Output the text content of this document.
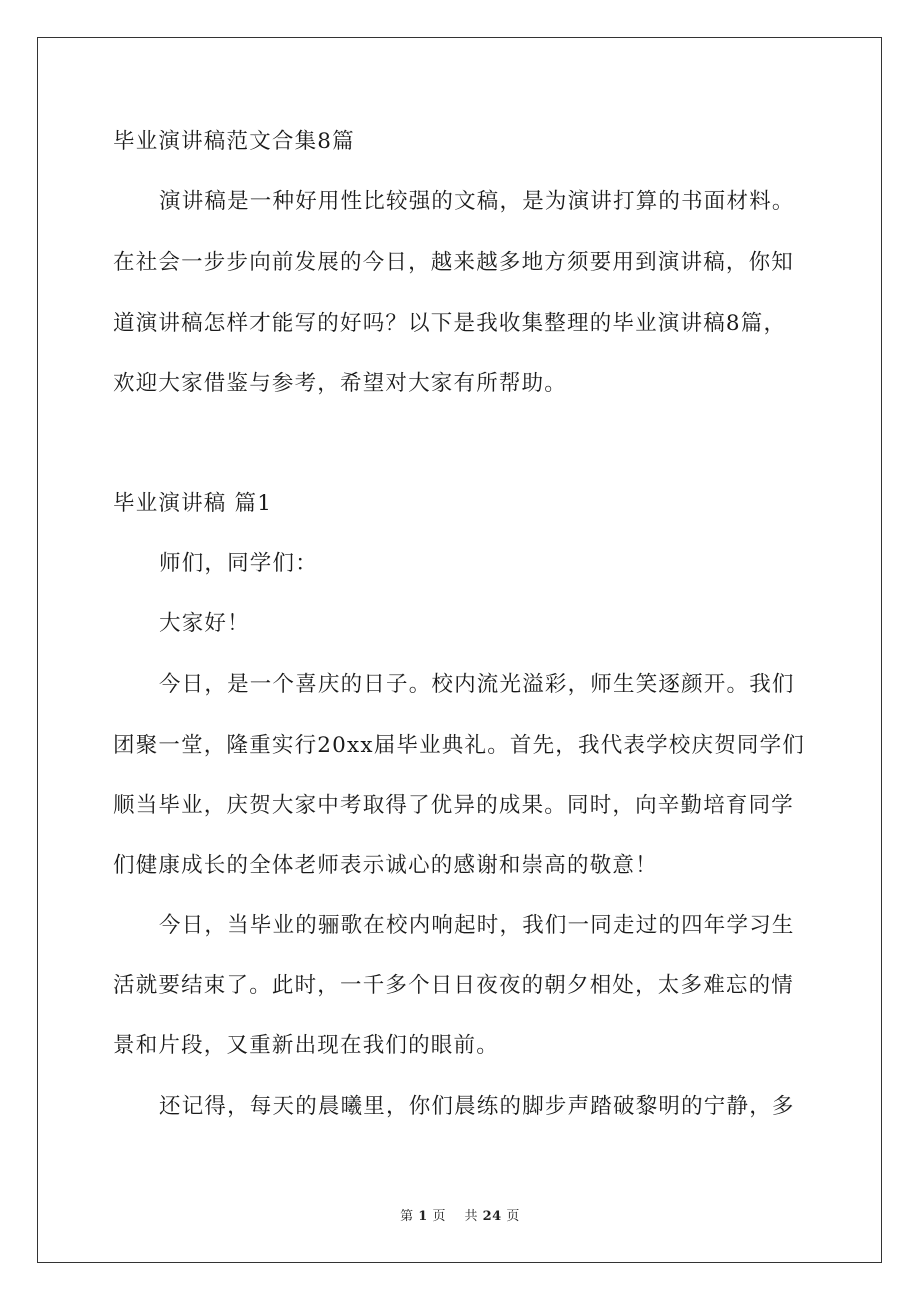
毕业演讲稿范文合集8篇
演讲稿是一种好用性比较强的文稿，是为演讲打算的书面材料。
在社会一步步向前发展的今日，越来越多地方须要用到演讲稿，你知
道演讲稿怎样才能写的好吗？以下是我收集整理的毕业演讲稿8篇，
欢迎大家借鉴与参考，希望对大家有所帮助。
毕业演讲稿 篇1
师们，同学们：
大家好！
今日，是一个喜庆的日子。校内流光溢彩，师生笑逐颜开。我们
团聚一堂，隆重实行20xx届毕业典礼。首先，我代表学校庆贺同学们
顺当毕业，庆贺大家中考取得了优异的成果。同时，向辛勤培育同学
们健康成长的全体老师表示诚心的感谢和崇高的敬意！
今日，当毕业的骊歌在校内响起时，我们一同走过的四年学习生
活就要结束了。此时，一千多个日日夜夜的朝夕相处，太多难忘的情
景和片段，又重新出现在我们的眼前。
还记得，每天的晨曦里，你们晨练的脚步声踏破黎明的宁静，多
第 1 页 共 24 页
